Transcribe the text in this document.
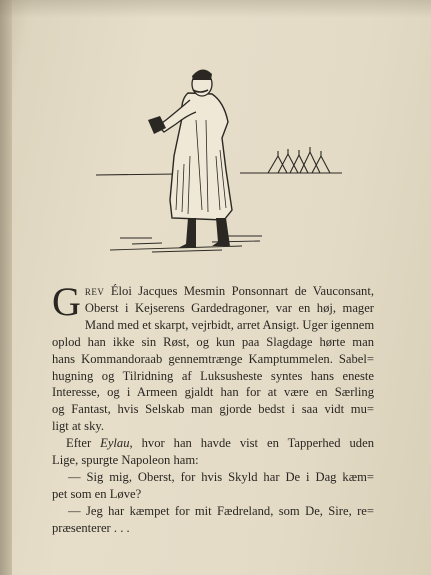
G rev Éloi Jacques Mesmin Ponsonnart de Vauconsant,
Oberst i Kejserens Gardedragoner, var en høj, mager
Mand med et skarpt, vejrbidt, arret Ansigt. Uger igennem
oplod han ikke sin Røst, og kun paa Slagdage hørte man
hans Kommandoraab gennemtrængе Kamptummelen. Sabel=
hugning og Tilridning af Luksusheste syntes hans eneste
Interesse, og i Armeen gjaldt han for at være en Særling
og Fantast, hvis Selskab man gjorde bedst i saa vidt mu=
ligt at sky.
Efter Eylau, hvor han havde vist en Tapperhed uden
Lige, spurgte Napoleon ham:
— Sig mig, Oberst, for hvis Skyld har De i Dag kæm=
pet som en Løve?
— Jeg har kæmpet for mit Fædreland, som De, Sire, re=
præsenterer . . .
